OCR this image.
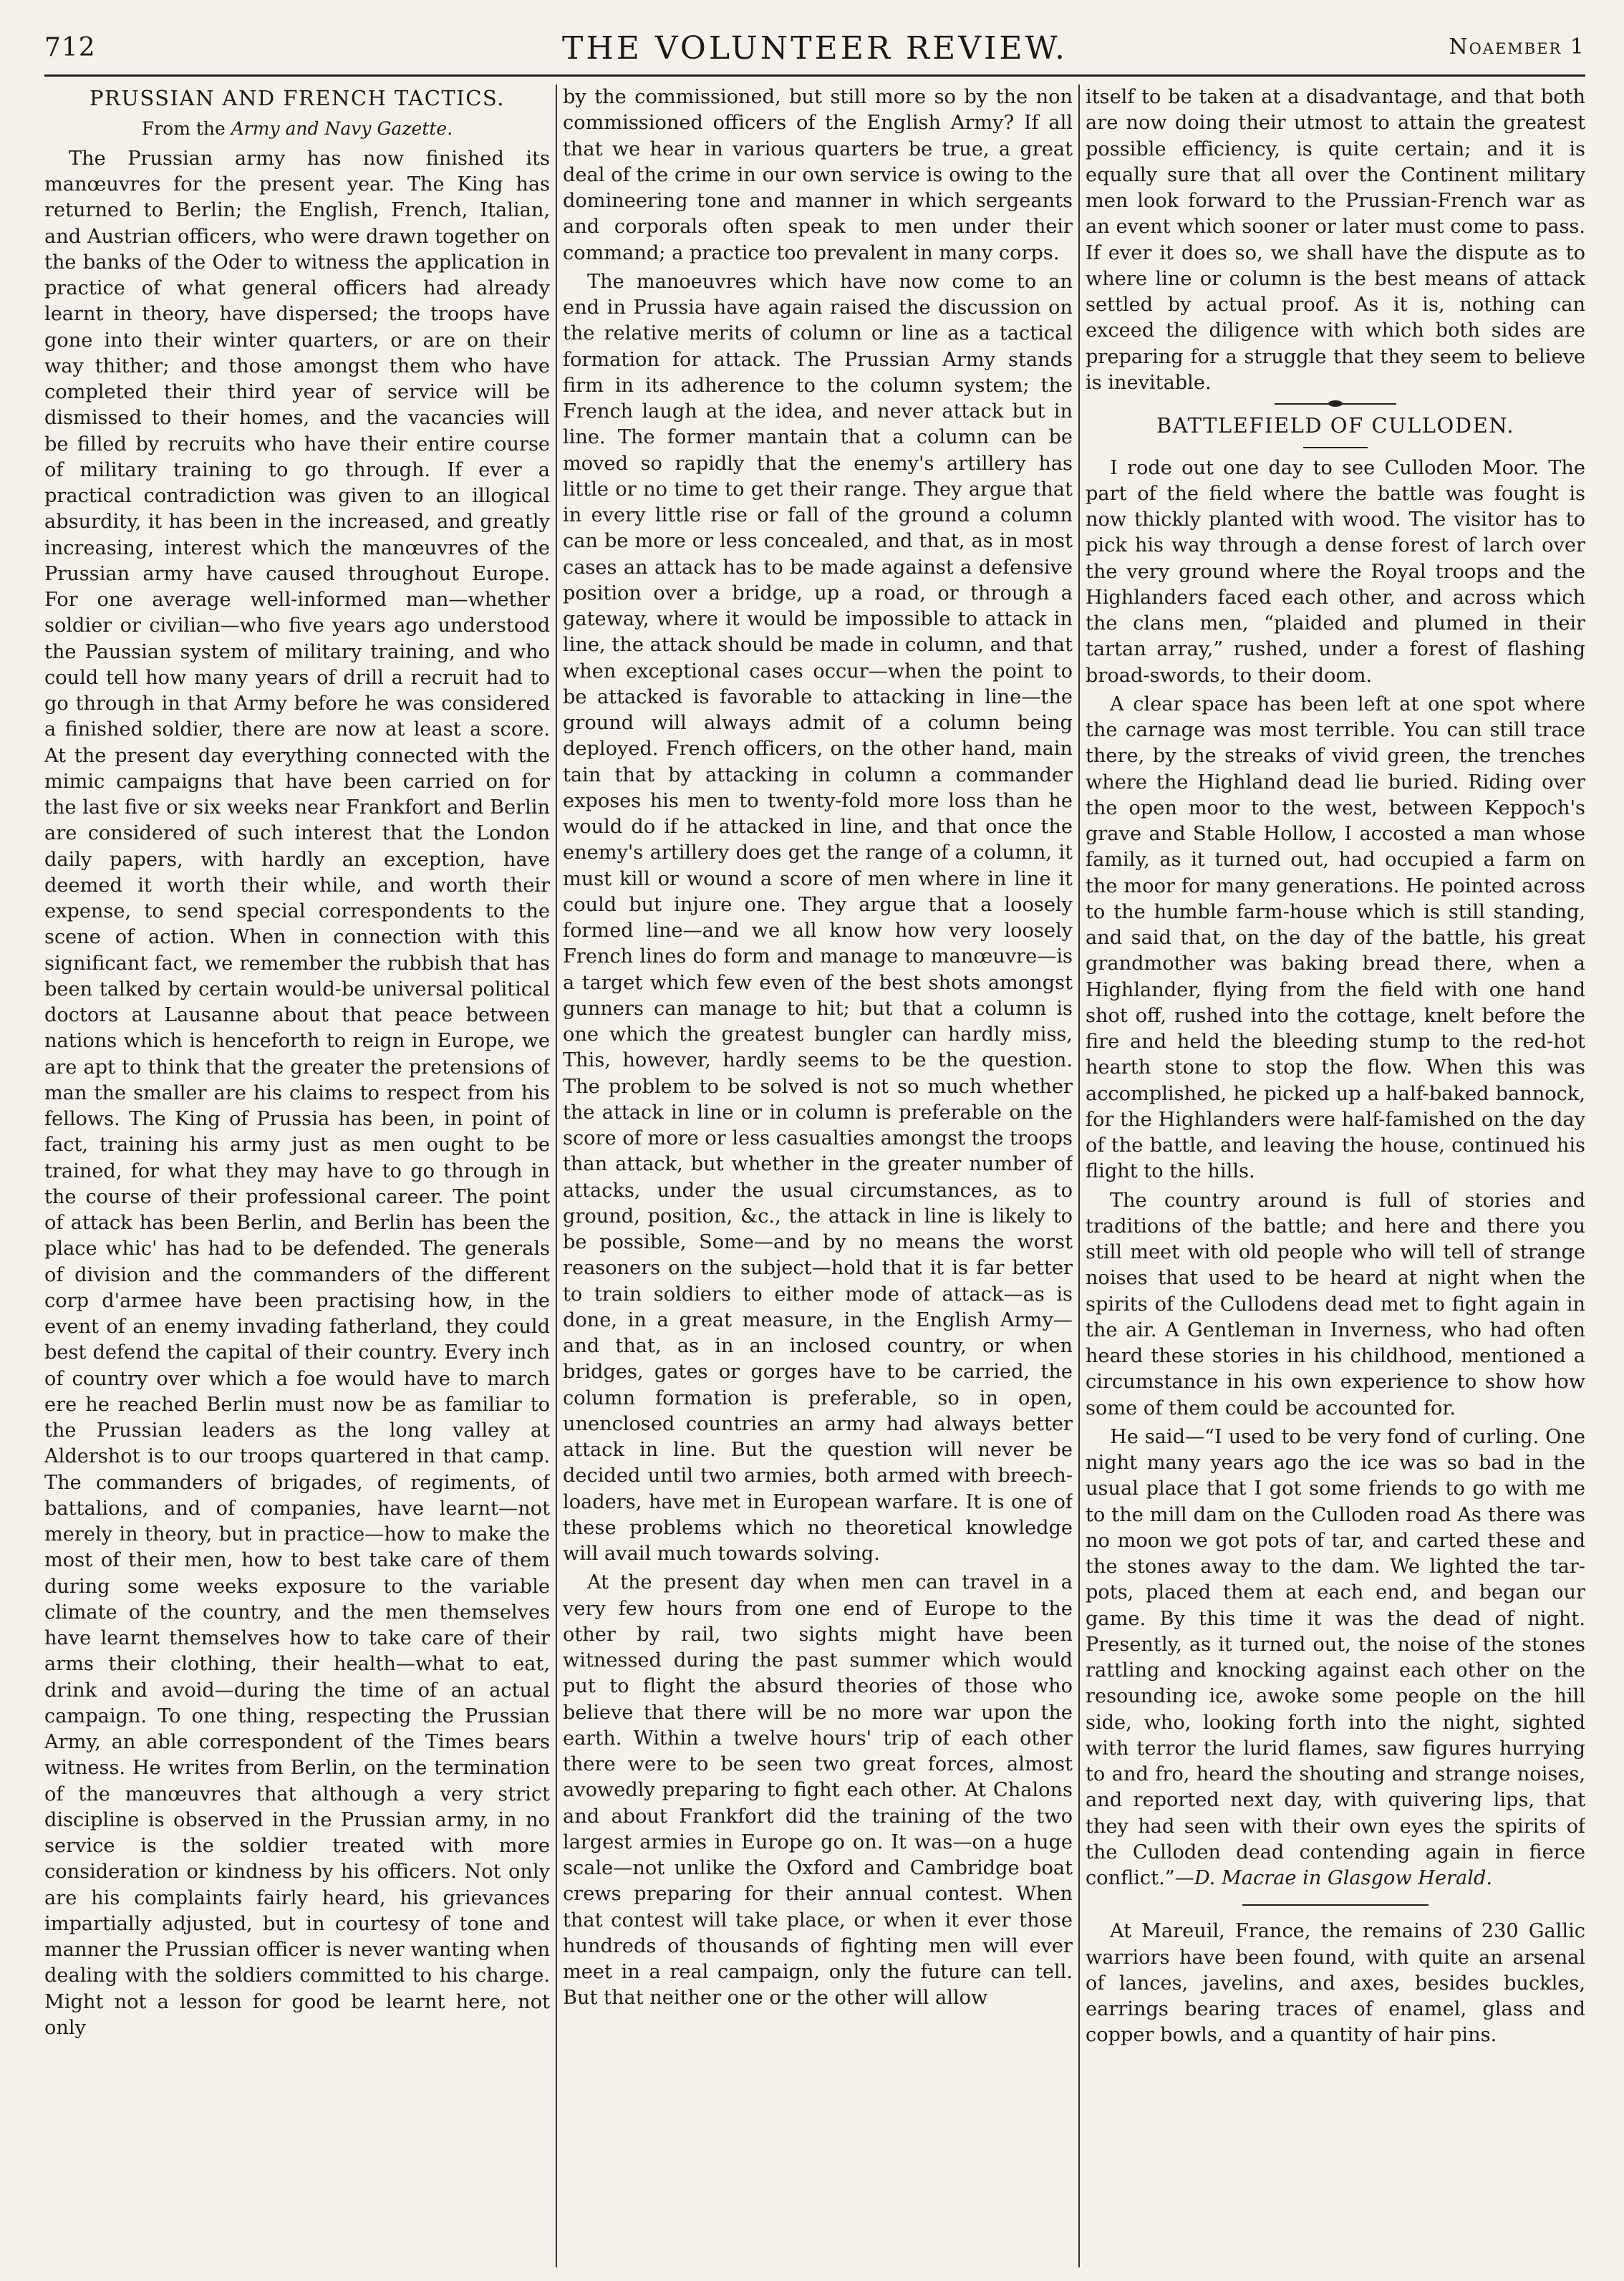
712	THE VOLUNTEER REVIEW.	Noaember 1
PRUSSIAN AND FRENCH TACTICS.
From the Army and Navy Gazette.

The Prussian army has now finished its manœuvres for the present year. The King has returned to Berlin; the English, French, Italian, and Austrian officers, who were drawn together on the banks of the Oder to witness the application in practice of what general officers had already learnt in theory, have dispersed; the troops have gone into their winter quarters, or are on their way thither; and those amongst them who have completed their third year of service will be dismissed to their homes, and the vacancies will be filled by recruits who have their entire course of military training to go through. If ever a practical contradiction was given to an illogical absurdity, it has been in the increased, and greatly increasing, interest which the manœuvres of the Prussian army have caused throughout Europe. For one average well-informed man—whether soldier or civilian—who five years ago understood the Paussian system of military training, and who could tell how many years of drill a recruit had to go through in that Army before he was considered a finished soldier, there are now at least a score. At the present day everything connected with the mimic campaigns that have been carried on for the last five or six weeks near Frankfort and Berlin are considered of such interest that the London daily papers, with hardly an exception, have deemed it worth their while, and worth their expense, to send special correspondents to the scene of action. When in connection with this significant fact, we remember the rubbish that has been talked by certain would-be universal political doctors at Lausanne about that peace between nations which is henceforth to reign in Europe, we are apt to think that the greater the pretensions of man the smaller are his claims to respect from his fellows. The King of Prussia has been, in point of fact, training his army just as men ought to be trained, for what they may have to go through in the course of their professional career. The point of attack has been Berlin, and Berlin has been the place whic' has had to be defended. The generals of division and the commanders of the different corp d'armee have been practising how, in the event of an enemy invading fatherland, they could best defend the capital of their country. Every inch of country over which a foe would have to march ere he reached Berlin must now be as familiar to the Prussian leaders as the long valley at Aldershot is to our troops quartered in that camp. The commanders of brigades, of regiments, of battalions, and of companies, have learnt—not merely in theory, but in practice—how to make the most of their men, how to best take care of them during some weeks exposure to the variable climate of the country, and the men themselves have learnt themselves how to take care of their arms their clothing, their health—what to eat, drink and avoid—during the time of an actual campaign. To one thing, respecting the Prussian Army, an able correspondent of the Times bears witness. He writes from Berlin, on the termination of the manœuvres that although a very strict discipline is observed in the Prussian army, in no service is the soldier treated with more consideration or kindness by his officers. Not only are his complaints fairly heard, his grievances impartially adjusted, but in courtesy of tone and manner the Prussian officer is never wanting when dealing with the soldiers committed to his charge. Might not a lesson for good be learnt here, not only

by the commissioned, but still more so by the non commissioned officers of the English Army? If all that we hear in various quarters be true, a great deal of the crime in our own service is owing to the domineering tone and manner in which sergeants and corporals often speak to men under their command; a practice too prevalent in many corps.

The manoeuvres which have now come to an end in Prussia have again raised the discussion on the relative merits of column or line as a tactical formation for attack. The Prussian Army stands firm in its adherence to the column system; the French laugh at the idea, and never attack but in line. The former mantain that a column can be moved so rapidly that the enemy's artillery has little or no time to get their range. They argue that in every little rise or fall of the ground a column can be more or less concealed, and that, as in most cases an attack has to be made against a defensive position over a bridge, up a road, or through a gateway, where it would be impossible to attack in line, the attack should be made in column, and that when exceptional cases occur—when the point to be attacked is favorable to attacking in line—the ground will always admit of a column being deployed. French officers, on the other hand, main tain that by attacking in column a commander exposes his men to twenty-fold more loss than he would do if he attacked in line, and that once the enemy's artillery does get the range of a column, it must kill or wound a score of men where in line it could but injure one. They argue that a loosely formed line—and we all know how very loosely French lines do form and manage to manœuvre—is a target which few even of the best shots amongst gunners can manage to hit; but that a column is one which the greatest bungler can hardly miss, This, however, hardly seems to be the question. The problem to be solved is not so much whether the attack in line or in column is preferable on the score of more or less casualties amongst the troops than attack, but whether in the greater number of attacks, under the usual circumstances, as to ground, position, &c., the attack in line is likely to be possible, Some—and by no means the worst reasoners on the subject—hold that it is far better to train soldiers to either mode of attack—as is done, in a great measure, in the English Army—and that, as in an inclosed country, or when bridges, gates or gorges have to be carried, the column formation is preferable, so in open, unenclosed countries an army had always better attack in line. But the question will never be decided until two armies, both armed with breech-loaders, have met in European warfare. It is one of these problems which no theoretical knowledge will avail much towards solving.

At the present day when men can travel in a very few hours from one end of Europe to the other by rail, two sights might have been witnessed during the past summer which would put to flight the absurd theories of those who believe that there will be no more war upon the earth. Within a twelve hours' trip of each other there were to be seen two great forces, almost avowedly preparing to fight each other. At Chalons and about Frankfort did the training of the two largest armies in Europe go on. It was—on a huge scale—not unlike the Oxford and Cambridge boat crews preparing for their annual contest. When that contest will take place, or when it ever those hundreds of thousands of fighting men will ever meet in a real campaign, only the future can tell. But that neither one or the other will allow

itself to be taken at a disadvantage, and that both are now doing their utmost to attain the greatest possible efficiency, is quite certain; and it is equally sure that all over the Continent military men look forward to the Prussian-French war as an event which sooner or later must come to pass. If ever it does so, we shall have the dispute as to where line or column is the best means of attack settled by actual proof. As it is, nothing can exceed the diligence with which both sides are preparing for a struggle that they seem to believe is inevitable.

BATTLEFIELD OF CULLODEN.

I rode out one day to see Culloden Moor. The part of the field where the battle was fought is now thickly planted with wood. The visitor has to pick his way through a dense forest of larch over the very ground where the Royal troops and the Highlanders faced each other, and across which the clans men, “plaided and plumed in their tartan array,” rushed, under a forest of flashing broad-swords, to their doom.

A clear space has been left at one spot where the carnage was most terrible. You can still trace there, by the streaks of vivid green, the trenches where the Highland dead lie buried. Riding over the open moor to the west, between Keppoch's grave and Stable Hollow, I accosted a man whose family, as it turned out, had occupied a farm on the moor for many generations. He pointed across to the humble farm-house which is still standing, and said that, on the day of the battle, his great grandmother was baking bread there, when a Highlander, flying from the field with one hand shot off, rushed into the cottage, knelt before the fire and held the bleeding stump to the red-hot hearth stone to stop the flow. When this was accomplished, he picked up a half-baked bannock, for the Highlanders were half-famished on the day of the battle, and leaving the house, continued his flight to the hills.

The country around is full of stories and traditions of the battle; and here and there you still meet with old people who will tell of strange noises that used to be heard at night when the spirits of the Cullodens dead met to fight again in the air. A Gentleman in Inverness, who had often heard these stories in his childhood, mentioned a circumstance in his own experience to show how some of them could be accounted for.

He said—“I used to be very fond of curling. One night many years ago the ice was so bad in the usual place that I got some friends to go with me to the mill dam on the Culloden road As there was no moon we got pots of tar, and carted these and the stones away to the dam. We lighted the tar-pots, placed them at each end, and began our game. By this time it was the dead of night. Presently, as it turned out, the noise of the stones rattling and knocking against each other on the resounding ice, awoke some people on the hill side, who, looking forth into the night, sighted with terror the lurid flames, saw figures hurrying to and fro, heard the shouting and strange noises, and reported next day, with quivering lips, that they had seen with their own eyes the spirits of the Culloden dead contending again in fierce conflict.”—D. Macrae in Glasgow Herald.

At Mareuil, France, the remains of 230 Gallic warriors have been found, with quite an arsenal of lances, javelins, and axes, besides buckles, earrings bearing traces of enamel, glass and copper bowls, and a quantity of hair pins.
